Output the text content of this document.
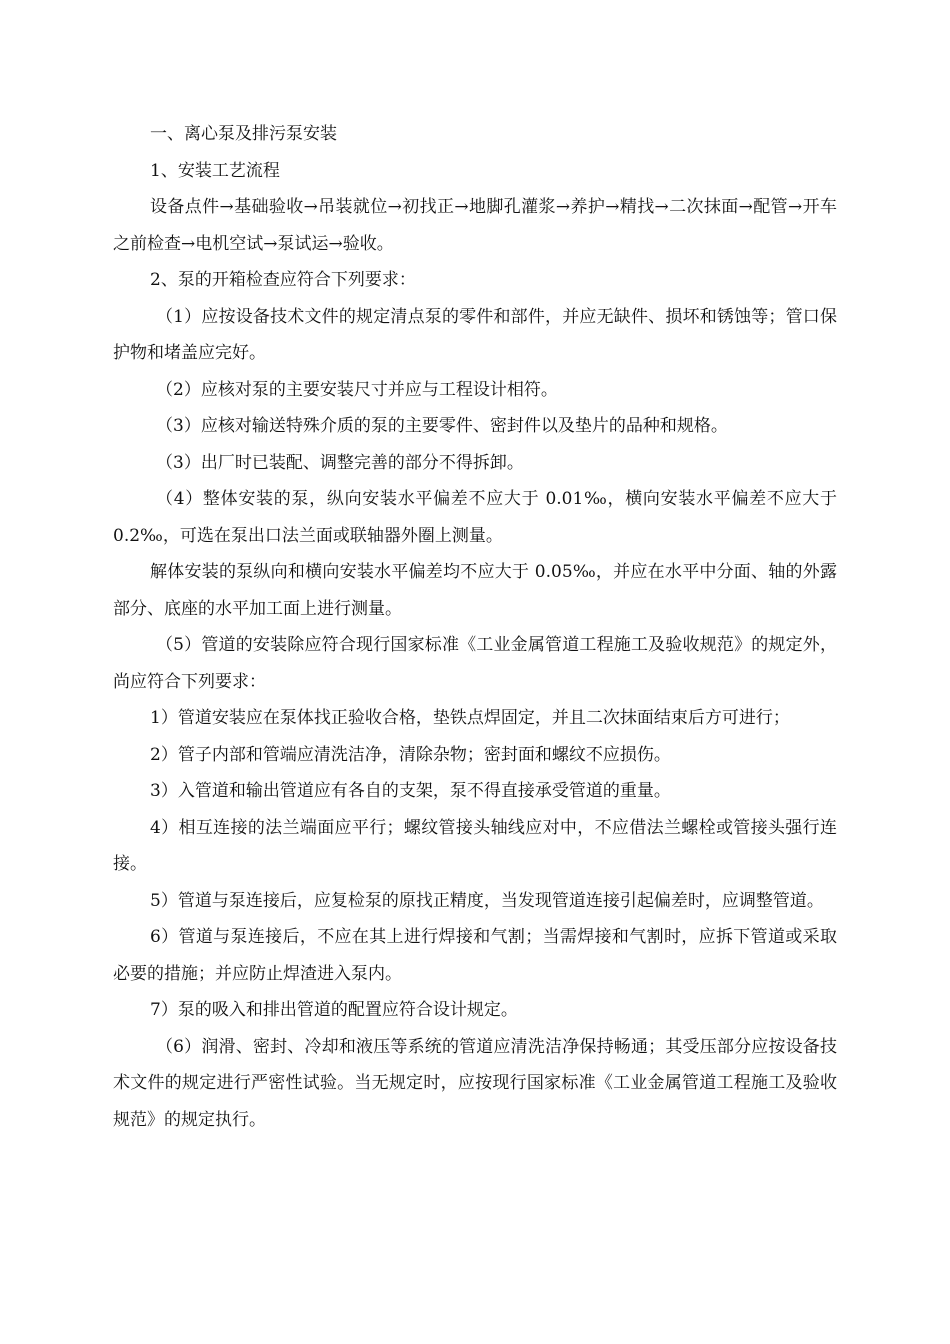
一、离心泵及排污泵安装

1、安装工艺流程

设备点件→基础验收→吊装就位→初找正→地脚孔灌浆→养护→精找→二次抹面→配管→开车之前检查→电机空试→泵试运→验收。

2、泵的开箱检查应符合下列要求：

（1）应按设备技术文件的规定清点泵的零件和部件，并应无缺件、损坏和锈蚀等；管口保护物和堵盖应完好。

（2）应核对泵的主要安装尺寸并应与工程设计相符。

（3）应核对输送特殊介质的泵的主要零件、密封件以及垫片的品种和规格。

（3）出厂时已装配、调整完善的部分不得拆卸。

（4）整体安装的泵，纵向安装水平偏差不应大于 0.01‰，横向安装水平偏差不应大于 0.2‰，可选在泵出口法兰面或联轴器外圈上测量。

解体安装的泵纵向和横向安装水平偏差均不应大于 0.05‰，并应在水平中分面、轴的外露部分、底座的水平加工面上进行测量。

（5）管道的安装除应符合现行国家标准《工业金属管道工程施工及验收规范》的规定外，尚应符合下列要求：

1）管道安装应在泵体找正验收合格，垫铁点焊固定，并且二次抹面结束后方可进行；

2）管子内部和管端应清洗洁净，清除杂物；密封面和螺纹不应损伤。

3）入管道和输出管道应有各自的支架，泵不得直接承受管道的重量。

4）相互连接的法兰端面应平行；螺纹管接头轴线应对中，不应借法兰螺栓或管接头强行连接。

5）管道与泵连接后，应复检泵的原找正精度，当发现管道连接引起偏差时，应调整管道。

6）管道与泵连接后，不应在其上进行焊接和气割；当需焊接和气割时，应拆下管道或采取必要的措施；并应防止焊渣进入泵内。

7）泵的吸入和排出管道的配置应符合设计规定。

（6）润滑、密封、冷却和液压等系统的管道应清洗洁净保持畅通；其受压部分应按设备技术文件的规定进行严密性试验。当无规定时，应按现行国家标准《工业金属管道工程施工及验收规范》的规定执行。
